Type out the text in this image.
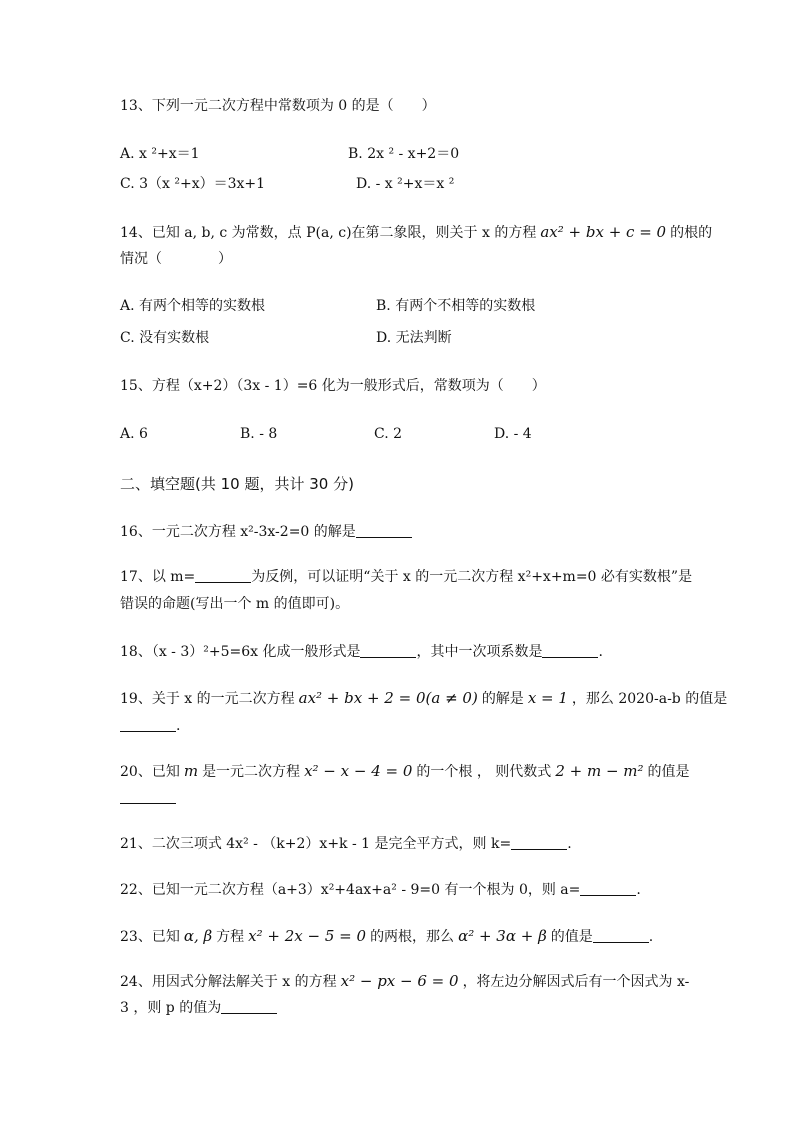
13、下列一元二次方程中常数项为 0 的是（　　）
A. x ²+x＝1	B. 2x ² - x+2＝0
C. 3（x ²+x）＝3x+1	D. - x ²+x＝x ²
14、已知 a, b, c 为常数，点 P(a, c)在第二象限，则关于 x 的方程 ax² + bx + c = 0 的根的
情况（　　　　）
A. 有两个相等的实数根	B. 有两个不相等的实数根
C. 没有实数根	D. 无法判断
15、方程（x+2）（3x - 1）=6 化为一般形式后，常数项为（　　）
A. 6	B. - 8	C. 2	D. - 4
二、填空题(共 10 题，共计 30 分)
16、一元二次方程 x²-3x-2=0 的解是
17、以 m=	为反例，可以证明“关于 x 的一元二次方程 x²+x+m=0 必有实数根”是
错误的命题(写出一个 m 的值即可)。
18、（x - 3）²+5=6x 化成一般形式是	，其中一次项系数是	.
19、关于 x 的一元二次方程 ax² + bx + 2 = 0(a ≠ 0) 的解是 x = 1 ，那么 2020-a-b 的值是
.
20、已知 m 是一元二次方程 x² − x − 4 = 0 的一个根 ， 则代数式 2 + m − m² 的值是
21、二次三项式 4x² - （k+2）x+k - 1 是完全平方式，则 k=	.
22、已知一元二次方程（a+3）x²+4ax+a² - 9=0 有一个根为 0，则 a=	.
23、已知 α, β 方程 x² + 2x − 5 = 0 的两根，那么 α² + 3α + β 的值是	.
24、用因式分解法解关于 x 的方程 x² − px − 6 = 0 ，将左边分解因式后有一个因式为 x-
3 ，则 p 的值为
